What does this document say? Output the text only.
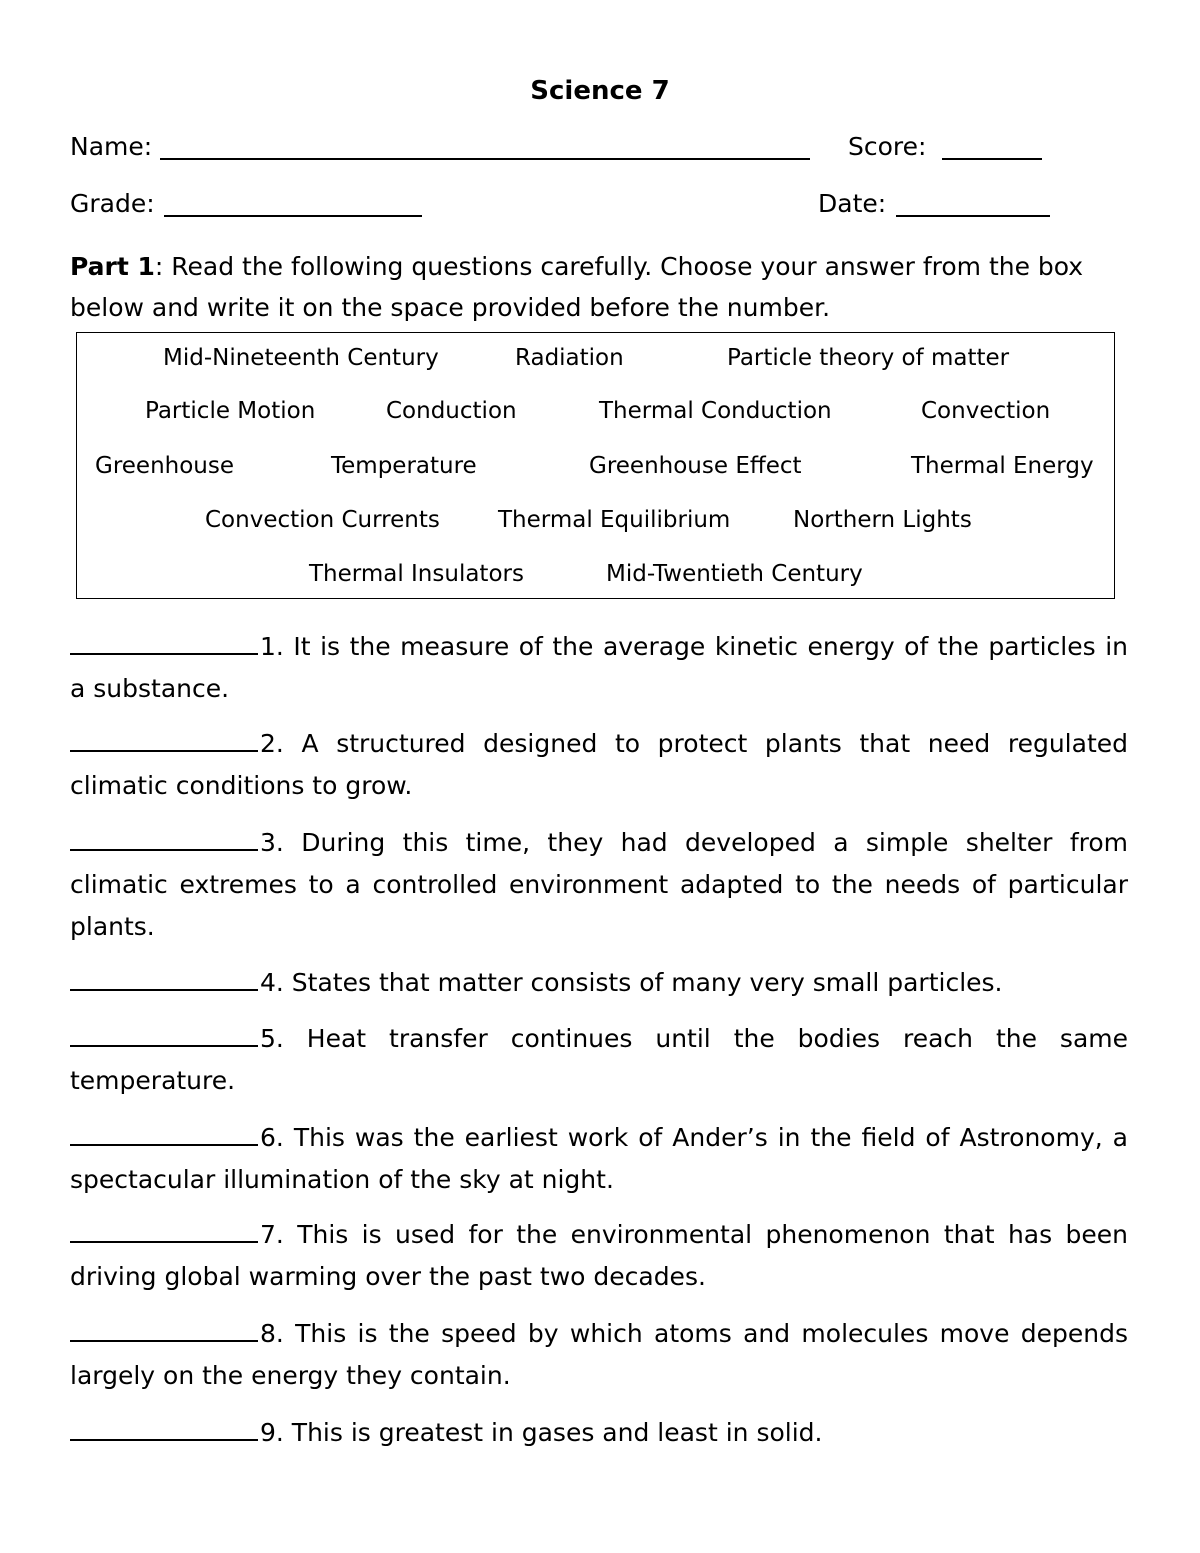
Science 7
Name:	Score:
Grade:	Date:
Part 1: Read the following questions carefully. Choose your answer from the box below and write it on the space provided before the number.
Mid-Nineteenth Century	Radiation	Particle theory of matter
Particle Motion	Conduction	Thermal Conduction	Convection
Greenhouse	Temperature	Greenhouse Effect	Thermal Energy
Convection Currents	Thermal Equilibrium	Northern Lights
Thermal Insulators	Mid-Twentieth Century
1. It is the measure of the average kinetic energy of the particles in a substance.
2. A structured designed to protect plants that need regulated climatic conditions to grow.
3. During this time, they had developed a simple shelter from climatic extremes to a controlled environment adapted to the needs of particular plants.
4. States that matter consists of many very small particles.
5. Heat transfer continues until the bodies reach the same temperature.
6. This was the earliest work of Ander’s in the field of Astronomy, a spectacular illumination of the sky at night.
7. This is used for the environmental phenomenon that has been driving global warming over the past two decades.
8. This is the speed by which atoms and molecules move depends largely on the energy they contain.
9. This is greatest in gases and least in solid.
